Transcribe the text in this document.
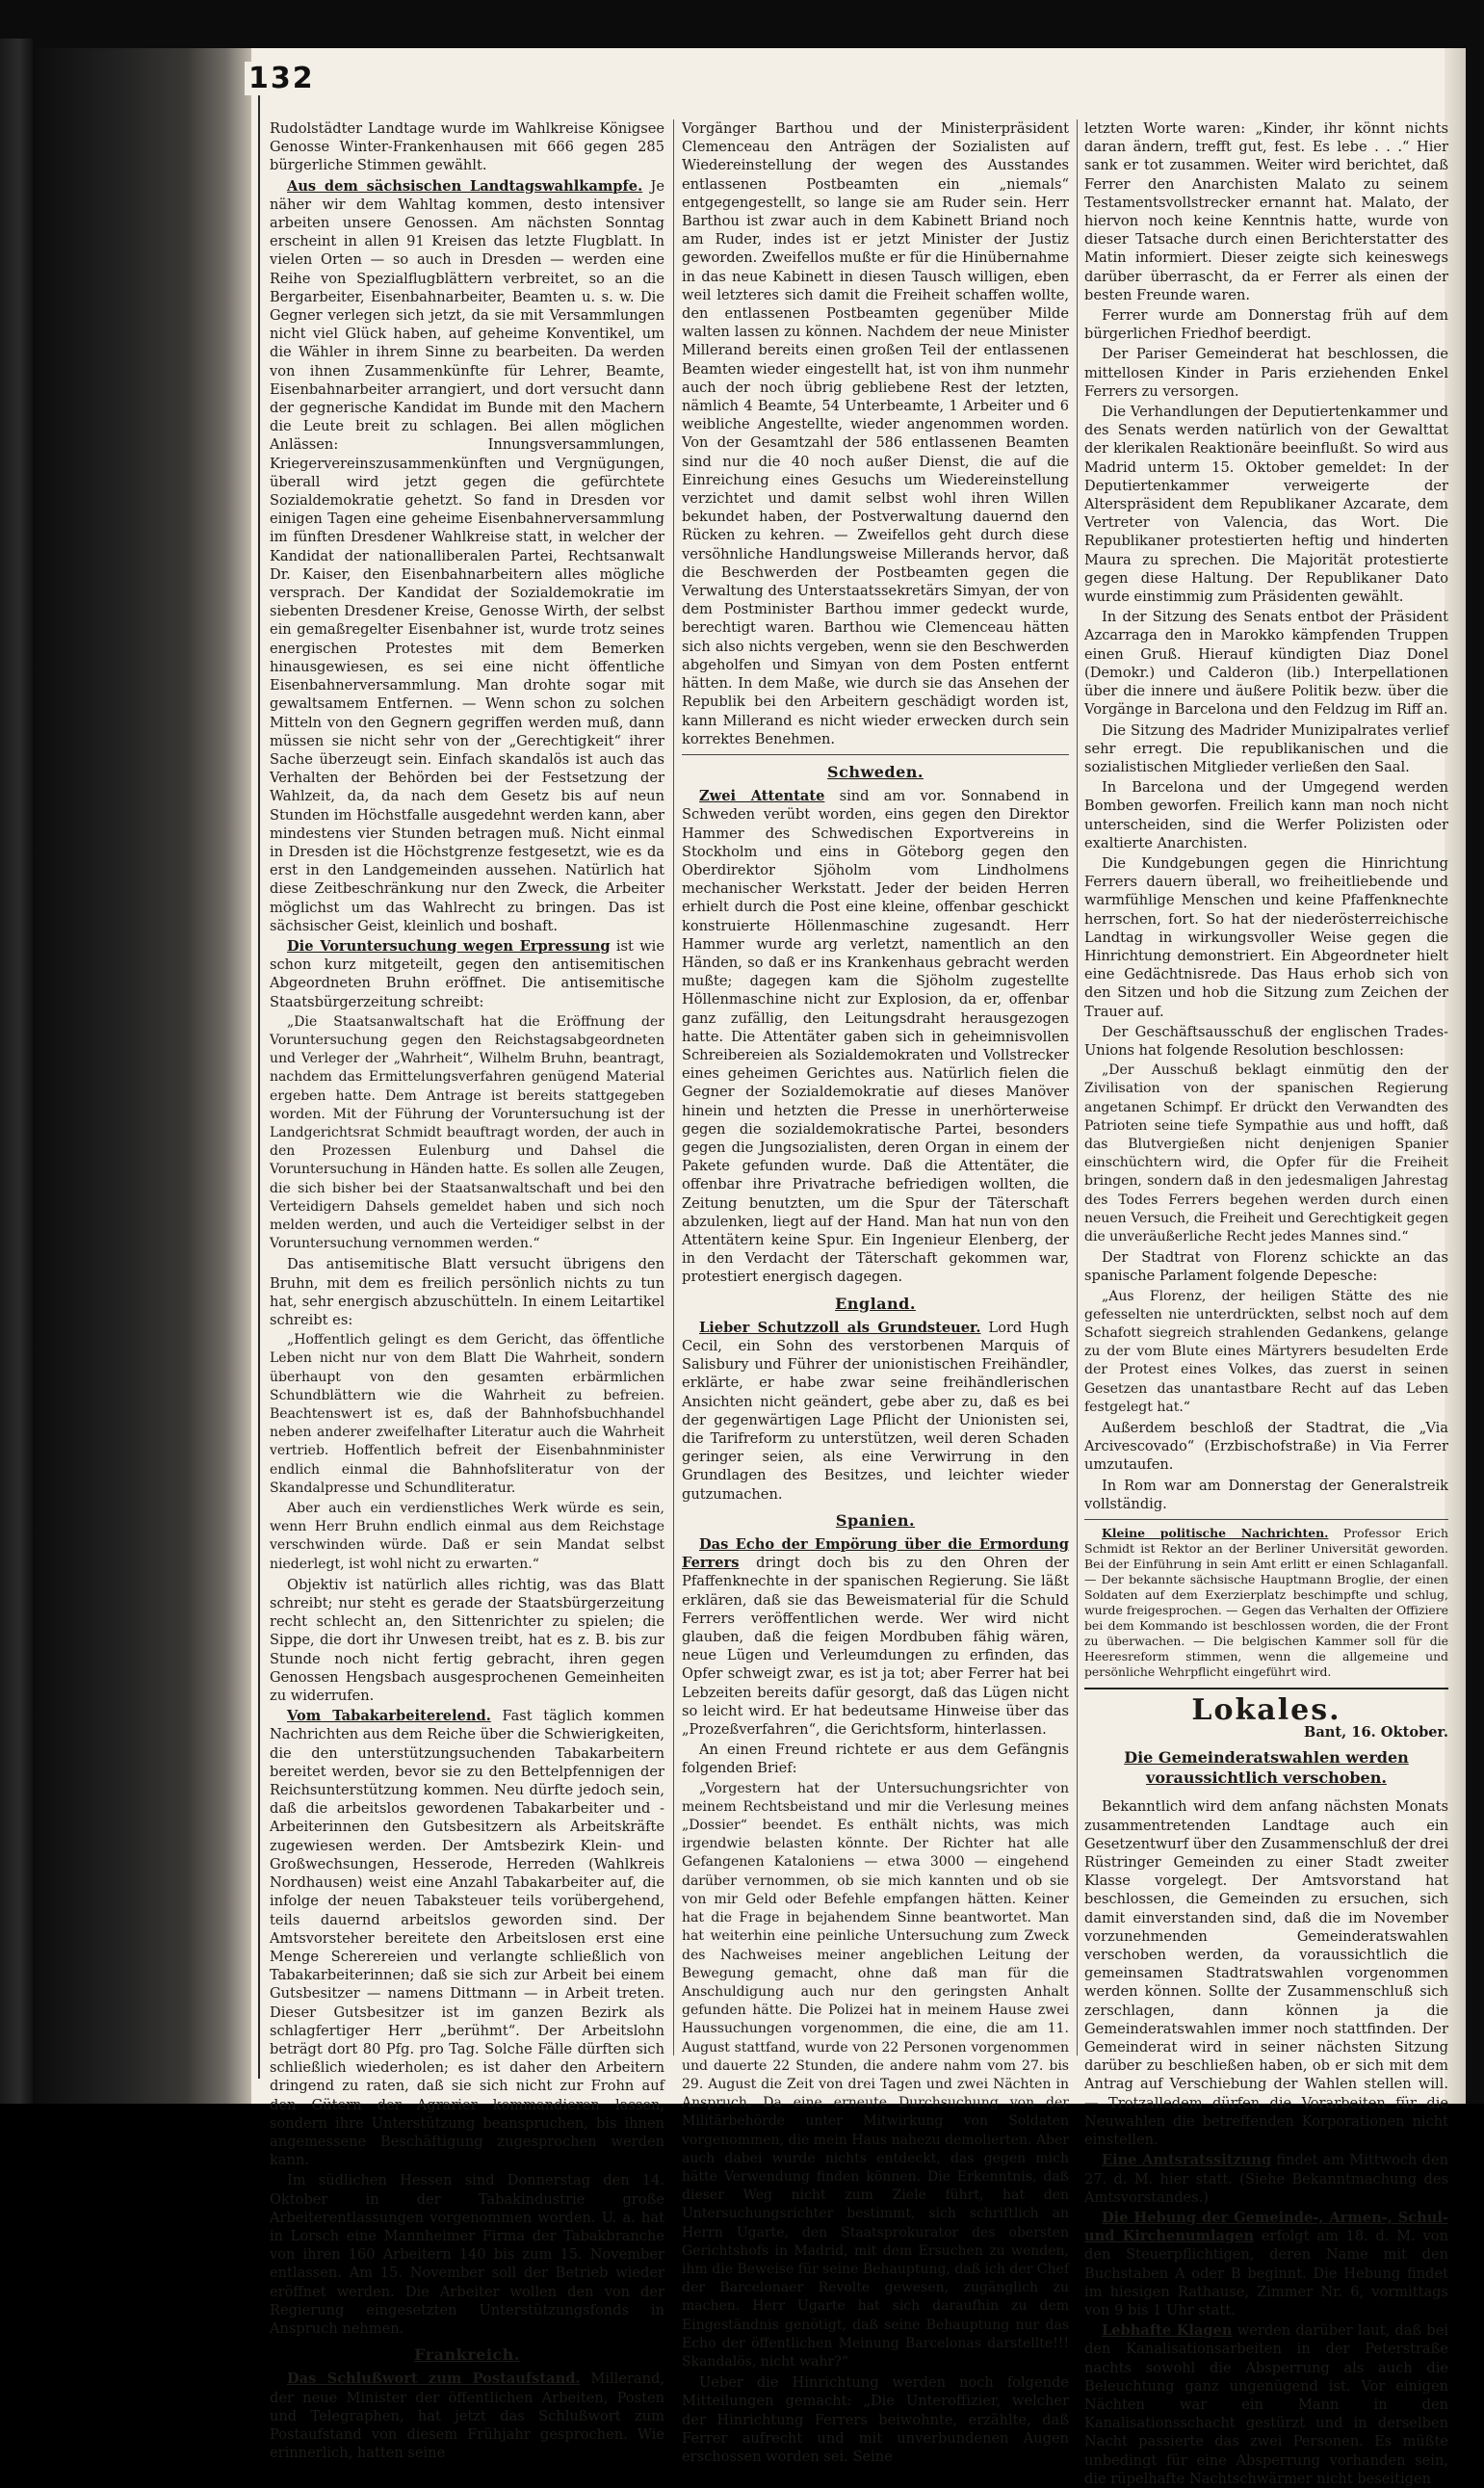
132

Rudolstädter Landtage wurde im Wahlkreise Königsee Genosse Winter-Frankenhausen mit 666 gegen 285 bürgerliche Stimmen gewählt.

Aus dem sächsischen Landtagswahlkampfe. Je näher wir dem Wahltag kommen, desto intensiver arbeiten unsere Genossen. Am nächsten Sonntag erscheint in allen 91 Kreisen das letzte Flugblatt. In vielen Orten — so auch in Dresden — werden eine Reihe von Spezialflugblättern verbreitet, so an die Bergarbeiter, Eisenbahnarbeiter, Beamten u. s. w. Die Gegner verlegen sich jetzt, da sie mit Versammlungen nicht viel Glück haben, auf geheime Konventikel, um die Wähler in ihrem Sinne zu bearbeiten. Da werden von ihnen Zusammenkünfte für Lehrer, Beamte, Eisenbahnarbeiter arrangiert, und dort versucht dann der gegnerische Kandidat im Bunde mit den Machern die Leute breit zu schlagen. Bei allen möglichen Anlässen: Innungsversammlungen, Kriegervereinszusammenkünften und Vergnügungen, überall wird jetzt gegen die gefürchtete Sozialdemokratie gehetzt. So fand in Dresden vor einigen Tagen eine geheime Eisenbahnerversammlung im fünften Dresdener Wahlkreise statt, in welcher der Kandidat der nationalliberalen Partei, Rechtsanwalt Dr. Kaiser, den Eisenbahnarbeitern alles mögliche versprach. Der Kandidat der Sozialdemokratie im siebenten Dresdener Kreise, Genosse Wirth, der selbst ein gemaßregelter Eisenbahner ist, wurde trotz seines energischen Protestes mit dem Bemerken hinausgewiesen, es sei eine nicht öffentliche Eisenbahnerversammlung. Man drohte sogar mit gewaltsamem Entfernen. — Wenn schon zu solchen Mitteln von den Gegnern gegriffen werden muß, dann müssen sie nicht sehr von der „Gerechtigkeit“ ihrer Sache überzeugt sein. Einfach skandalös ist auch das Verhalten der Behörden bei der Festsetzung der Wahlzeit, da, da nach dem Gesetz bis auf neun Stunden im Höchstfalle ausgedehnt werden kann, aber mindestens vier Stunden betragen muß. Nicht einmal in Dresden ist die Höchstgrenze festgesetzt, wie es da erst in den Landgemeinden aussehen. Natürlich hat diese Zeitbeschränkung nur den Zweck, die Arbeiter möglichst um das Wahlrecht zu bringen. Das ist sächsischer Geist, kleinlich und boshaft.

Die Voruntersuchung wegen Erpressung ist wie schon kurz mitgeteilt, gegen den antisemitischen Abgeordneten Bruhn eröffnet. Die antisemitische Staatsbürgerzeitung schreibt:

„Die Staatsanwaltschaft hat die Eröffnung der Voruntersuchung gegen den Reichstagsabgeordneten und Verleger der „Wahrheit“, Wilhelm Bruhn, beantragt, nachdem das Ermittelungsverfahren genügend Material ergeben hatte. Dem Antrage ist bereits stattgegeben worden. Mit der Führung der Voruntersuchung ist der Landgerichtsrat Schmidt beauftragt worden, der auch in den Prozessen Eulenburg und Dahsel die Voruntersuchung in Händen hatte. Es sollen alle Zeugen, die sich bisher bei der Staatsanwaltschaft und bei den Verteidigern Dahsels gemeldet haben und sich noch melden werden, und auch die Verteidiger selbst in der Voruntersuchung vernommen werden.“

Das antisemitische Blatt versucht übrigens den Bruhn, mit dem es freilich persönlich nichts zu tun hat, sehr energisch abzuschütteln. In einem Leitartikel schreibt es:

„Hoffentlich gelingt es dem Gericht, das öffentliche Leben nicht nur von dem Blatt Die Wahrheit, sondern überhaupt von den gesamten erbärmlichen Schundblättern wie die Wahrheit zu befreien. Beachtenswert ist es, daß der Bahnhofsbuchhandel neben anderer zweifelhafter Literatur auch die Wahrheit vertrieb. Hoffentlich befreit der Eisenbahnminister endlich einmal die Bahnhofsliteratur von der Skandalpresse und Schundliteratur.

Aber auch ein verdienstliches Werk würde es sein, wenn Herr Bruhn endlich einmal aus dem Reichstage verschwinden würde. Daß er sein Mandat selbst niederlegt, ist wohl nicht zu erwarten.“

Objektiv ist natürlich alles richtig, was das Blatt schreibt; nur steht es gerade der Staatsbürgerzeitung recht schlecht an, den Sittenrichter zu spielen; die Sippe, die dort ihr Unwesen treibt, hat es z. B. bis zur Stunde noch nicht fertig gebracht, ihren gegen Genossen Hengsbach ausgesprochenen Gemeinheiten zu widerrufen.

Vom Tabakarbeiterelend. Fast täglich kommen Nachrichten aus dem Reiche über die Schwierigkeiten, die den unterstützungsuchenden Tabakarbeitern bereitet werden, bevor sie zu den Bettelpfennigen der Reichsunterstützung kommen. Neu dürfte jedoch sein, daß die arbeitslos gewordenen Tabakarbeiter und -Arbeiterinnen den Gutsbesitzern als Arbeitskräfte zugewiesen werden. Der Amtsbezirk Klein- und Großwechsungen, Hesserode, Herreden (Wahlkreis Nordhausen) weist eine Anzahl Tabakarbeiter auf, die infolge der neuen Tabaksteuer teils vorübergehend, teils dauernd arbeitslos geworden sind. Der Amtsvorsteher bereitete den Arbeitslosen erst eine Menge Scherereien und verlangte schließlich von Tabakarbeiterinnen; daß sie sich zur Arbeit bei einem Gutsbesitzer — namens Dittmann — in Arbeit treten. Dieser Gutsbesitzer ist im ganzen Bezirk als schlagfertiger Herr „berühmt“. Der Arbeitslohn beträgt dort 80 Pfg. pro Tag. Solche Fälle dürften sich schließlich wiederholen; es ist daher den Arbeitern dringend zu raten, daß sie sich nicht zur Frohn auf den Gütern der Agrarier kommandieren lassen, sondern ihre Unterstützung beanspruchen, bis ihnen angemessene Beschäftigung zugesprochen werden kann.

Im südlichen Hessen sind Donnerstag den 14. Oktober in der Tabakindustrie große Arbeiterentlassungen vorgenommen worden. U. a. hat in Lorsch eine Mannheimer Firma der Tabakbranche von ihren 160 Arbeitern 140 bis zum 15. November entlassen. Am 15. November soll der Betrieb wieder eröffnet werden. Die Arbeiter wollen den von der Regierung eingesetzten Unterstützungsfonds in Anspruch nehmen.

Frankreich.

Das Schlußwort zum Postaufstand. Millerand, der neue Minister der öffentlichen Arbeiten, Posten und Telegraphen, hat jetzt das Schlußwort zum Postaufstand von diesem Frühjahr gesprochen. Wie erinnerlich, hatten seine

Vorgänger Barthou und der Ministerpräsident Clemenceau den Anträgen der Sozialisten auf Wiedereinstellung der wegen des Ausstandes entlassenen Postbeamten ein „niemals“ entgegengestellt, so lange sie am Ruder sein. Herr Barthou ist zwar auch in dem Kabinett Briand noch am Ruder, indes ist er jetzt Minister der Justiz geworden. Zweifellos mußte er für die Hinübernahme in das neue Kabinett in diesen Tausch willigen, eben weil letzteres sich damit die Freiheit schaffen wollte, den entlassenen Postbeamten gegenüber Milde walten lassen zu können. Nachdem der neue Minister Millerand bereits einen großen Teil der entlassenen Beamten wieder eingestellt hat, ist von ihm nunmehr auch der noch übrig gebliebene Rest der letzten, nämlich 4 Beamte, 54 Unterbeamte, 1 Arbeiter und 6 weibliche Angestellte, wieder angenommen worden. Von der Gesamtzahl der 586 entlassenen Beamten sind nur die 40 noch außer Dienst, die auf die Einreichung eines Gesuchs um Wiedereinstellung verzichtet und damit selbst wohl ihren Willen bekundet haben, der Postverwaltung dauernd den Rücken zu kehren. — Zweifellos geht durch diese versöhnliche Handlungsweise Millerands hervor, daß die Beschwerden der Postbeamten gegen die Verwaltung des Unterstaatssekretärs Simyan, der von dem Postminister Barthou immer gedeckt wurde, berechtigt waren. Barthou wie Clemenceau hätten sich also nichts vergeben, wenn sie den Beschwerden abgeholfen und Simyan von dem Posten entfernt hätten. In dem Maße, wie durch sie das Ansehen der Republik bei den Arbeitern geschädigt worden ist, kann Millerand es nicht wieder erwecken durch sein korrektes Benehmen.

Schweden.

Zwei Attentate sind am vor. Sonnabend in Schweden verübt worden, eins gegen den Direktor Hammer des Schwedischen Exportvereins in Stockholm und eins in Göteborg gegen den Oberdirektor Sjöholm vom Lindholmens mechanischer Werkstatt. Jeder der beiden Herren erhielt durch die Post eine kleine, offenbar geschickt konstruierte Höllenmaschine zugesandt. Herr Hammer wurde arg verletzt, namentlich an den Händen, so daß er ins Krankenhaus gebracht werden mußte; dagegen kam die Sjöholm zugestellte Höllenmaschine nicht zur Explosion, da er, offenbar ganz zufällig, den Leitungsdraht herausgezogen hatte. Die Attentäter gaben sich in geheimnisvollen Schreibereien als Sozialdemokraten und Vollstrecker eines geheimen Gerichtes aus. Natürlich fielen die Gegner der Sozialdemokratie auf dieses Manöver hinein und hetzten die Presse in unerhörterweise gegen die sozialdemokratische Partei, besonders gegen die Jungsozialisten, deren Organ in einem der Pakete gefunden wurde. Daß die Attentäter, die offenbar ihre Privatrache befriedigen wollten, die Zeitung benutzten, um die Spur der Täterschaft abzulenken, liegt auf der Hand. Man hat nun von den Attentätern keine Spur. Ein Ingenieur Elenberg, der in den Verdacht der Täterschaft gekommen war, protestiert energisch dagegen.

England.

Lieber Schutzzoll als Grundsteuer. Lord Hugh Cecil, ein Sohn des verstorbenen Marquis of Salisbury und Führer der unionistischen Freihändler, erklärte, er habe zwar seine freihändlerischen Ansichten nicht geändert, gebe aber zu, daß es bei der gegenwärtigen Lage Pflicht der Unionisten sei, die Tarifreform zu unterstützen, weil deren Schaden geringer seien, als eine Verwirrung in den Grundlagen des Besitzes, und leichter wieder gutzumachen.

Spanien.

Das Echo der Empörung über die Ermordung Ferrers dringt doch bis zu den Ohren der Pfaffenknechte in der spanischen Regierung. Sie läßt erklären, daß sie das Beweismaterial für die Schuld Ferrers veröffentlichen werde. Wer wird nicht glauben, daß die feigen Mordbuben fähig wären, neue Lügen und Verleumdungen zu erfinden, das Opfer schweigt zwar, es ist ja tot; aber Ferrer hat bei Lebzeiten bereits dafür gesorgt, daß das Lügen nicht so leicht wird. Er hat bedeutsame Hinweise über das „Prozeßverfahren“, die Gerichtsform, hinterlassen.

An einen Freund richtete er aus dem Gefängnis folgenden Brief:

„Vorgestern hat der Untersuchungsrichter von meinem Rechtsbeistand und mir die Verlesung meines „Dossier“ beendet. Es enthält nichts, was mich irgendwie belasten könnte. Der Richter hat alle Gefangenen Kataloniens — etwa 3000 — eingehend darüber vernommen, ob sie mich kannten und ob sie von mir Geld oder Befehle empfangen hätten. Keiner hat die Frage in bejahendem Sinne beantwortet. Man hat weiterhin eine peinliche Untersuchung zum Zweck des Nachweises meiner angeblichen Leitung der Bewegung gemacht, ohne daß man für die Anschuldigung auch nur den geringsten Anhalt gefunden hätte. Die Polizei hat in meinem Hause zwei Haussuchungen vorgenommen, die eine, die am 11. August stattfand, wurde von 22 Personen vorgenommen und dauerte 22 Stunden, die andere nahm vom 27. bis 29. August die Zeit von drei Tagen und zwei Nächten in Anspruch. Da eine erneute Durchsuchung von der Militärbehörde unter Mitwirkung von Soldaten vorgenommen, die mein Haus nahezu demolierten. Aber auch dabei wurde nichts entdeckt, das gegen mich hätte Verwendung finden können. Die Erkenntnis, daß dieser Weg nicht zum Ziele führt, hat den Untersuchungsrichter bestimmt, sich schriftlich an Herrn Ugarte, den Staatsprokurator des obersten Gerichtshofs in Madrid, mit dem Ersuchen zu wenden, ihm die Beweise für seine Behauptung, daß ich der Chef der Barcelonaer Revolte gewesen, zugänglich zu machen. Herr Ugarte hat sich daraufhin zu dem Eingeständnis genötigt, daß seine Behauptung nur das Echo der öffentlichen Meinung Barcelonas darstellte!!! Skandalös, nicht wahr?“

Ueber die Hinrichtung werden noch folgende Mitteilungen gemacht: „Die Unteroffizier, welcher der Hinrichtung Ferrers beiwohnte, erzählte, daß Ferrer aufrecht und mit unverbundenen Augen erschossen worden sei. Seine

letzten Worte waren: „Kinder, ihr könnt nichts daran ändern, trefft gut, fest. Es lebe . . .“ Hier sank er tot zusammen. Weiter wird berichtet, daß Ferrer den Anarchisten Malato zu seinem Testamentsvollstrecker ernannt hat. Malato, der hiervon noch keine Kenntnis hatte, wurde von dieser Tatsache durch einen Berichterstatter des Matin informiert. Dieser zeigte sich keineswegs darüber überrascht, da er Ferrer als einen der besten Freunde waren.

Ferrer wurde am Donnerstag früh auf dem bürgerlichen Friedhof beerdigt.

Der Pariser Gemeinderat hat beschlossen, die mittellosen Kinder in Paris erziehenden Enkel Ferrers zu versorgen.

Die Verhandlungen der Deputiertenkammer und des Senats werden natürlich von der Gewalttat der klerikalen Reaktionäre beeinflußt. So wird aus Madrid unterm 15. Oktober gemeldet: In der Deputiertenkammer verweigerte der Alterspräsident dem Republikaner Azcarate, dem Vertreter von Valencia, das Wort. Die Republikaner protestierten heftig und hinderten Maura zu sprechen. Die Majorität protestierte gegen diese Haltung. Der Republikaner Dato wurde einstimmig zum Präsidenten gewählt.

In der Sitzung des Senats entbot der Präsident Azcarraga den in Marokko kämpfenden Truppen einen Gruß. Hierauf kündigten Diaz Donel (Demokr.) und Calderon (lib.) Interpellationen über die innere und äußere Politik bezw. über die Vorgänge in Barcelona und den Feldzug im Riff an.

Die Sitzung des Madrider Munizipalrates verlief sehr erregt. Die republikanischen und die sozialistischen Mitglieder verließen den Saal.

In Barcelona und der Umgegend werden Bomben geworfen. Freilich kann man noch nicht unterscheiden, sind die Werfer Polizisten oder exaltierte Anarchisten.

Die Kundgebungen gegen die Hinrichtung Ferrers dauern überall, wo freiheitliebende und warmfühlige Menschen und keine Pfaffenknechte herrschen, fort. So hat der niederösterreichische Landtag in wirkungsvoller Weise gegen die Hinrichtung demonstriert. Ein Abgeordneter hielt eine Gedächtnisrede. Das Haus erhob sich von den Sitzen und hob die Sitzung zum Zeichen der Trauer auf.

Der Geschäftsausschuß der englischen Trades-Unions hat folgende Resolution beschlossen:

„Der Ausschuß beklagt einmütig den der Zivilisation von der spanischen Regierung angetanen Schimpf. Er drückt den Verwandten des Patrioten seine tiefe Sympathie aus und hofft, daß das Blutvergießen nicht denjenigen Spanier einschüchtern wird, die Opfer für die Freiheit bringen, sondern daß in den jedesmaligen Jahrestag des Todes Ferrers begehen werden durch einen neuen Versuch, die Freiheit und Gerechtigkeit gegen die unveräußerliche Recht jedes Mannes sind.“

Der Stadtrat von Florenz schickte an das spanische Parlament folgende Depesche:

„Aus Florenz, der heiligen Stätte des nie gefesselten nie unterdrückten, selbst noch auf dem Schafott siegreich strahlenden Gedankens, gelange zu der vom Blute eines Märtyrers besudelten Erde der Protest eines Volkes, das zuerst in seinen Gesetzen das unantastbare Recht auf das Leben festgelegt hat.“

Außerdem beschloß der Stadtrat, die „Via Arcivescovado“ (Erzbischofstraße) in Via Ferrer umzutaufen.

In Rom war am Donnerstag der Generalstreik vollständig.

Kleine politische Nachrichten. Professor Erich Schmidt ist Rektor an der Berliner Universität geworden. Bei der Einführung in sein Amt erlitt er einen Schlaganfall. — Der bekannte sächsische Hauptmann Broglie, der einen Soldaten auf dem Exerzierplatz beschimpfte und schlug, wurde freigesprochen. — Gegen das Verhalten der Offiziere bei dem Kommando ist beschlossen worden, die der Front zu überwachen. — Die belgischen Kammer soll für die Heeresreform stimmen, wenn die allgemeine und persönliche Wehrpflicht eingeführt wird.

Lokales.
Bant, 16. Oktober.
Die Gemeinderatswahlen werden voraussichtlich verschoben.

Bekanntlich wird dem anfang nächsten Monats zusammentretenden Landtage auch ein Gesetzentwurf über den Zusammenschluß der drei Rüstringer Gemeinden zu einer Stadt zweiter Klasse vorgelegt. Der Amtsvorstand hat beschlossen, die Gemeinden zu ersuchen, sich damit einverstanden sind, daß die im November vorzunehmenden Gemeinderatswahlen verschoben werden, da voraussichtlich die gemeinsamen Stadtratswahlen vorgenommen werden können. Sollte der Zusammenschluß sich zerschlagen, dann können ja die Gemeinderatswahlen immer noch stattfinden. Der Gemeinderat wird in seiner nächsten Sitzung darüber zu beschließen haben, ob er sich mit dem Antrag auf Verschiebung der Wahlen stellen will. — Trotzalledem dürfen die Vorarbeiten für die Neuwahlen die betreffenden Korporationen nicht einstellen.

Eine Amtsratssitzung findet am Mittwoch den 27. d. M. hier statt. (Siehe Bekanntmachung des Amtsvorstandes.)

Die Hebung der Gemeinde-, Armen-, Schul- und Kirchenumlagen erfolgt am 18. d. M. von den Steuerpflichtigen, deren Name mit den Buchstaben A oder B beginnt. Die Hebung findet im hiesigen Rathause, Zimmer Nr. 6, vormittags von 9 bis 1 Uhr statt.

Lebhafte Klagen werden darüber laut, daß bei den Kanalisationsarbeiten in der Peterstraße nachts sowohl die Absperrung als auch die Beleuchtung ganz ungenügend ist. Vor einigen Nächten war ein Mann in den Kanalisationsschacht gestürzt und in derselben Nacht passierte das zwei Personen. Es müßte unbedingt für eine Absperrung vorhanden sein, die rüpelhafte Nachtschwärmer nicht beseitigen
